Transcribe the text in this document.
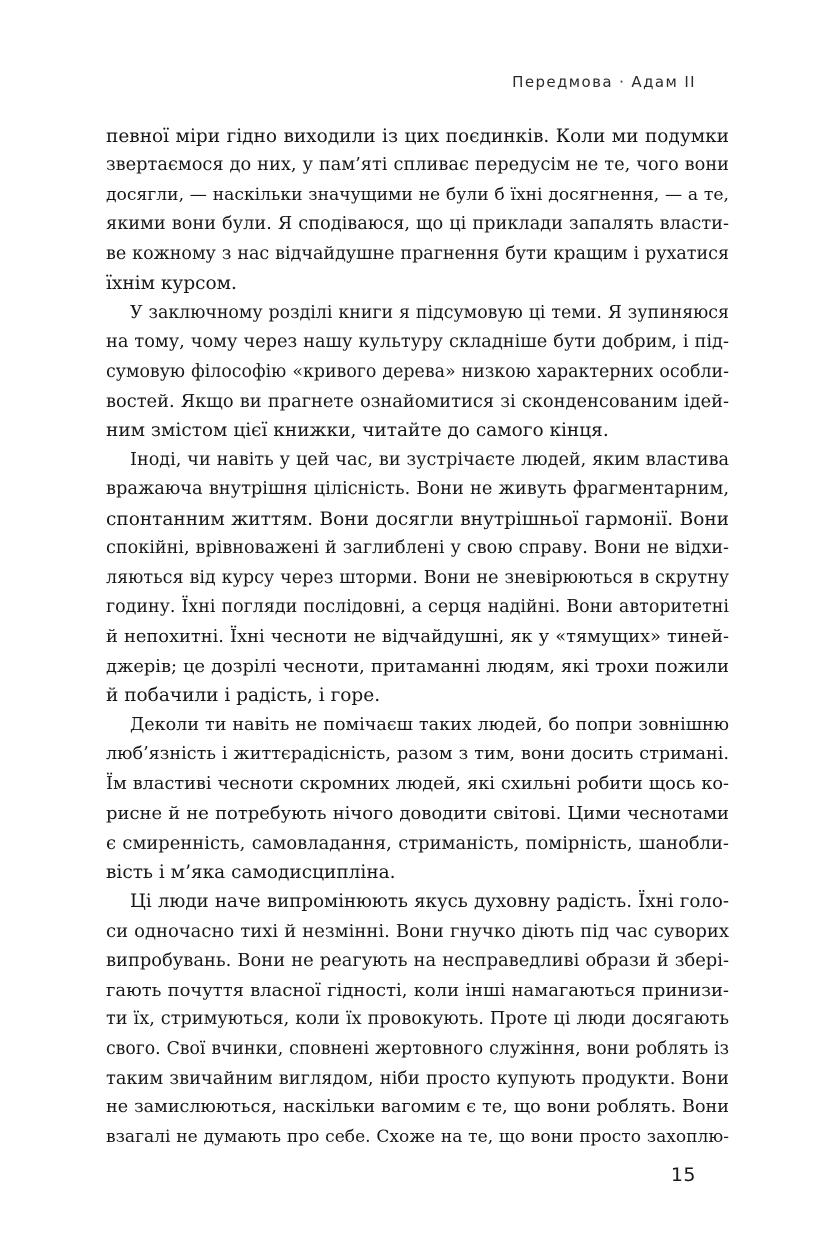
Передмова · Адам II
певної міри гідно виходили із цих поєдинків. Коли ми подумки
звертаємося до них, у пам’яті спливає передусім не те, чого вони
досягли, — наскільки значущими не були б їхні досягнення, — а те,
якими вони були. Я сподіваюся, що ці приклади запалять власти-
ве кожному з нас відчайдушне прагнення бути кращим і рухатися
їхнім курсом.
У заключному розділі книги я підсумовую ці теми. Я зупиняюся
на тому, чому через нашу культуру складніше бути добрим, і під-
сумовую філософію «кривого дерева» низкою характерних особли-
востей. Якщо ви прагнете ознайомитися зі сконденсованим ідей-
ним змістом цієї книжки, читайте до самого кінця.
Іноді, чи навіть у цей час, ви зустрічаєте людей, яким властива
вражаюча внутрішня цілісність. Вони не живуть фрагментарним,
спонтанним життям. Вони досягли внутрішньої гармонії. Вони
спокійні, врівноважені й заглиблені у свою справу. Вони не відхи-
ляються від курсу через шторми. Вони не зневірюються в скрутну
годину. Їхні погляди послідовні, а серця надійні. Вони авторитетні
й непохитні. Їхні чесноти не відчайдушні, як у «тямущих» тиней-
джерів; це дозрілі чесноти, притаманні людям, які трохи пожили
й побачили і радість, і горе.
Деколи ти навіть не помічаєш таких людей, бо попри зовнішню
люб’язність і життєрадісність, разом з тим, вони досить стримані.
Їм властиві чесноти скромних людей, які схильні робити щось ко-
рисне й не потребують нічого доводити світові. Цими чеснотами
є смиренність, самовладання, стриманість, помірність, шанобли-
вість і м’яка самодисципліна.
Ці люди наче випромінюють якусь духовну радість. Їхні голо-
си одночасно тихі й незмінні. Вони гнучко діють під час суворих
випробувань. Вони не реагують на несправедливі образи й збері-
гають почуття власної гідності, коли інші намагаються принизи-
ти їх, стримуються, коли їх провокують. Проте ці люди досягають
свого. Свої вчинки, сповнені жертовного служіння, вони роблять із
таким звичайним виглядом, ніби просто купують продукти. Вони
не замислюються, наскільки вагомим є те, що вони роблять. Вони
взагалі не думають про себе. Схоже на те, що вони просто захоплю-
15
